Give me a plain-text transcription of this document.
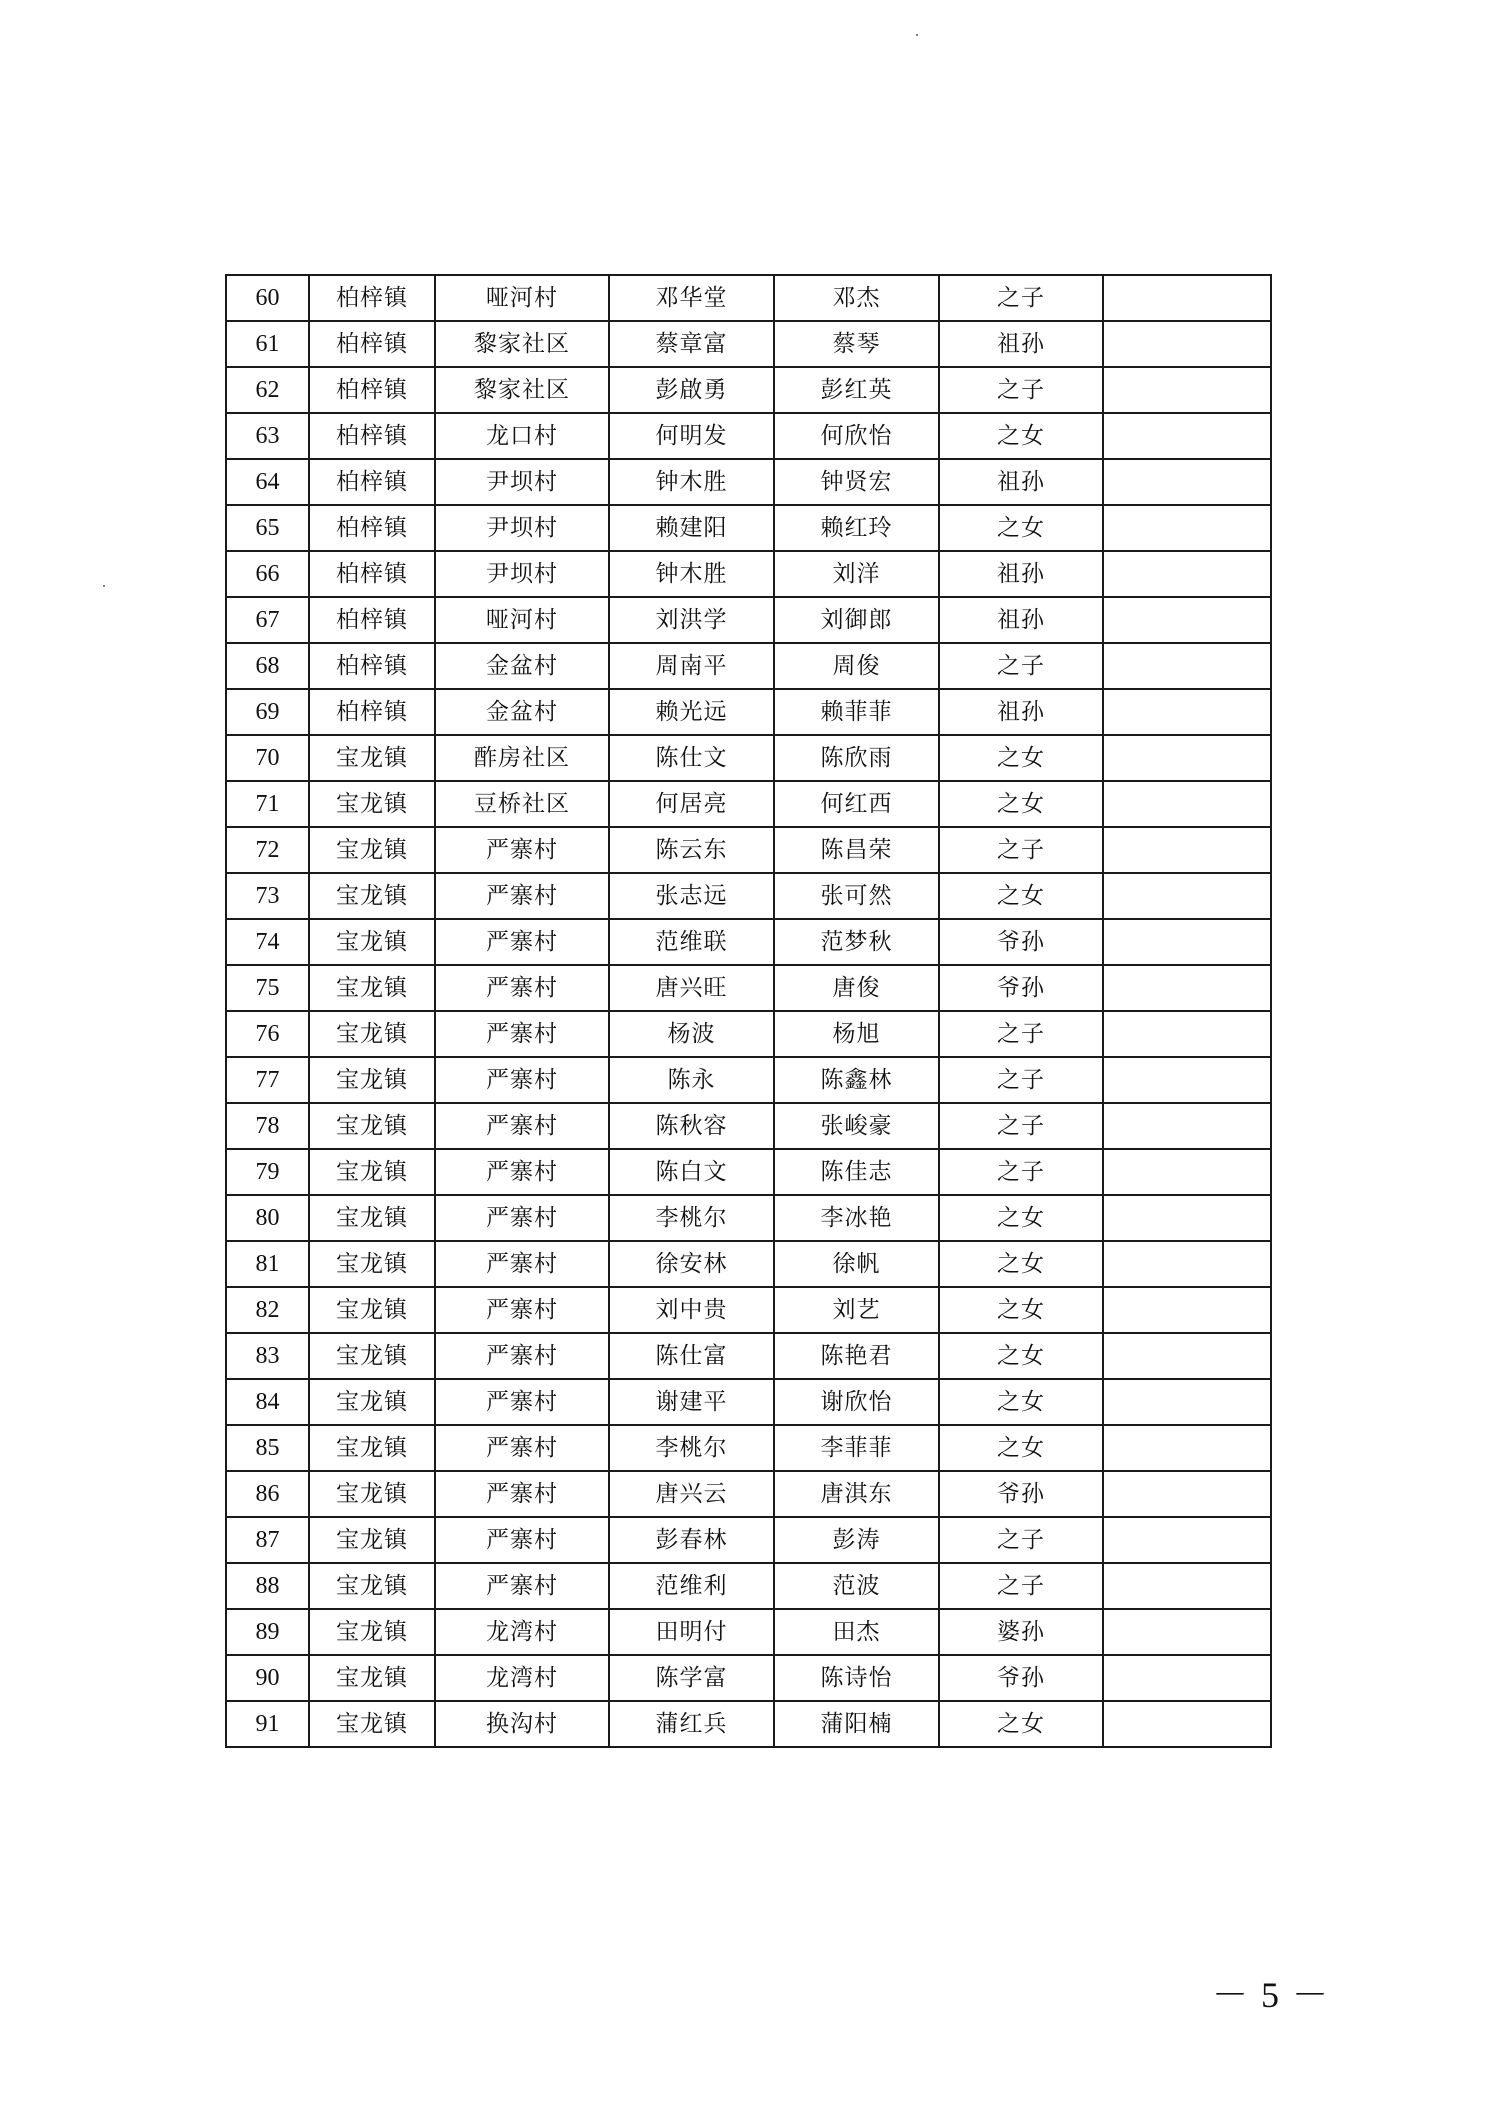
60	柏梓镇	哑河村	邓华堂	邓杰	之子	
61	柏梓镇	黎家社区	蔡章富	蔡琴	祖孙	
62	柏梓镇	黎家社区	彭啟勇	彭红英	之子	
63	柏梓镇	龙口村	何明发	何欣怡	之女	
64	柏梓镇	尹坝村	钟木胜	钟贤宏	祖孙	
65	柏梓镇	尹坝村	赖建阳	赖红玲	之女	
66	柏梓镇	尹坝村	钟木胜	刘洋	祖孙	
67	柏梓镇	哑河村	刘洪学	刘御郎	祖孙	
68	柏梓镇	金盆村	周南平	周俊	之子	
69	柏梓镇	金盆村	赖光远	赖菲菲	祖孙	
70	宝龙镇	酢房社区	陈仕文	陈欣雨	之女	
71	宝龙镇	豆桥社区	何居亮	何红西	之女	
72	宝龙镇	严寨村	陈云东	陈昌荣	之子	
73	宝龙镇	严寨村	张志远	张可然	之女	
74	宝龙镇	严寨村	范维联	范梦秋	爷孙	
75	宝龙镇	严寨村	唐兴旺	唐俊	爷孙	
76	宝龙镇	严寨村	杨波	杨旭	之子	
77	宝龙镇	严寨村	陈永	陈鑫林	之子	
78	宝龙镇	严寨村	陈秋容	张峻豪	之子	
79	宝龙镇	严寨村	陈白文	陈佳志	之子	
80	宝龙镇	严寨村	李桃尔	李冰艳	之女	
81	宝龙镇	严寨村	徐安林	徐帆	之女	
82	宝龙镇	严寨村	刘中贵	刘艺	之女	
83	宝龙镇	严寨村	陈仕富	陈艳君	之女	
84	宝龙镇	严寨村	谢建平	谢欣怡	之女	
85	宝龙镇	严寨村	李桃尔	李菲菲	之女	
86	宝龙镇	严寨村	唐兴云	唐淇东	爷孙	
87	宝龙镇	严寨村	彭春林	彭涛	之子	
88	宝龙镇	严寨村	范维利	范波	之子	
89	宝龙镇	龙湾村	田明付	田杰	婆孙	
90	宝龙镇	龙湾村	陈学富	陈诗怡	爷孙	
91	宝龙镇	换沟村	蒲红兵	蒲阳楠	之女	
－ 5 －
